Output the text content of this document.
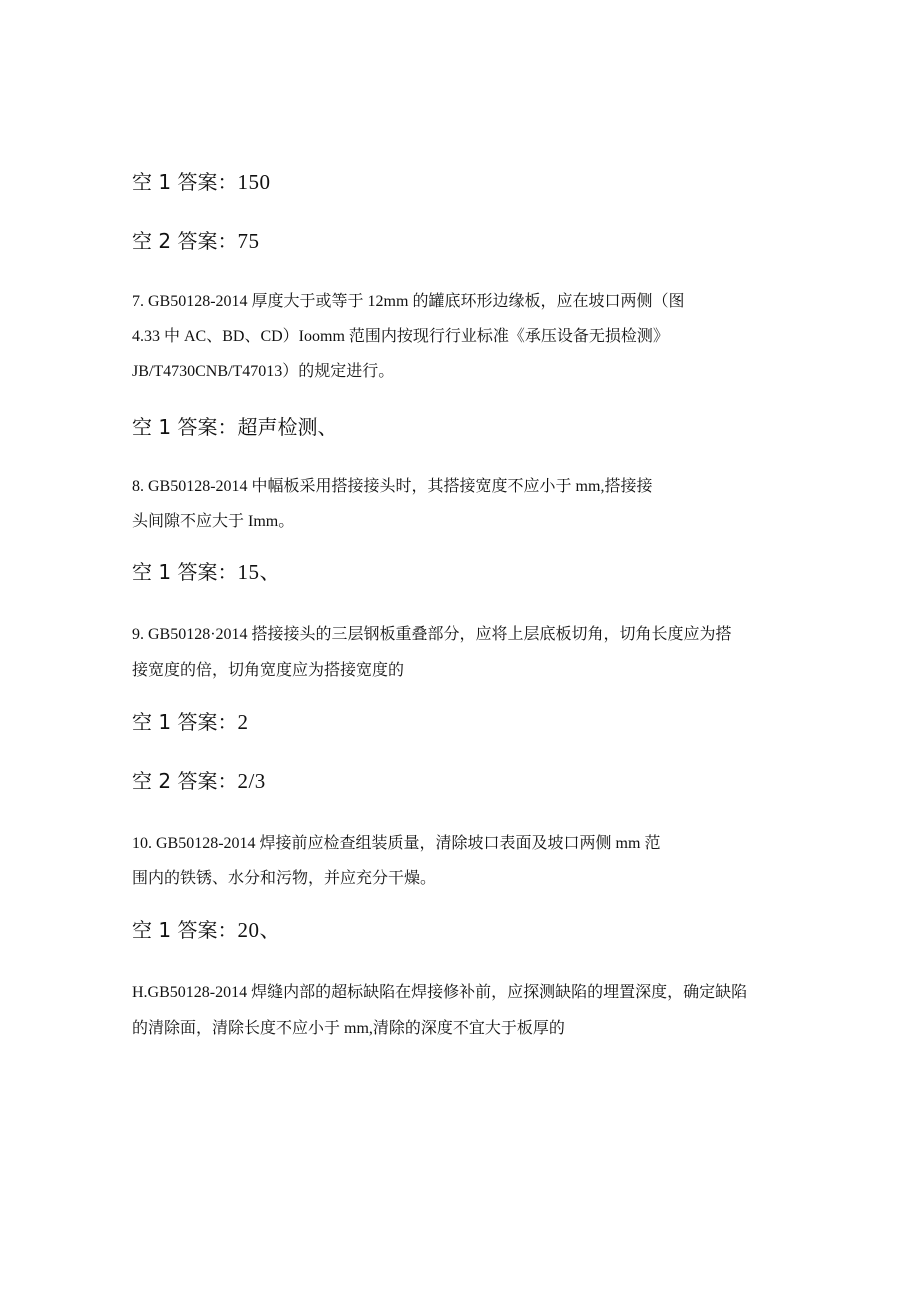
空 1 答案：150
空 2 答案：75
7. GB50128-2014 厚度大于或等于 12mm 的罐底环形边缘板，应在坡口两侧（图
4.33 中 AC、BD、CD）Ioomm 范围内按现行行业标准《承压设备无损检测》
JB/T4730CNB/T47013）的规定进行。
空 1 答案：超声检测、
8. GB50128-2014 中幅板采用搭接接头时，其搭接宽度不应小于 mm,搭接接
头间隙不应大于 Imm。
空 1 答案：15、
9. GB50128·2014 搭接接头的三层钢板重叠部分，应将上层底板切角，切角长度应为搭
接宽度的倍，切角宽度应为搭接宽度的
空 1 答案：2
空 2 答案：2/3
10. GB50128-2014 焊接前应检查组装质量，清除坡口表面及坡口两侧 mm 范
围内的铁锈、水分和污物，并应充分干燥。
空 1 答案：20、
H.GB50128-2014 焊缝内部的超标缺陷在焊接修补前，应探测缺陷的埋置深度，确定缺陷
的清除面，清除长度不应小于 mm,清除的深度不宜大于板厚的
